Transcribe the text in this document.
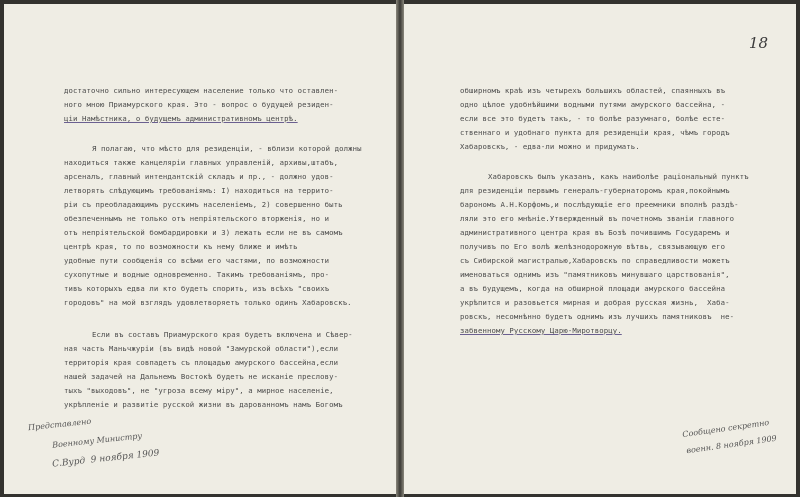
достаточно сильно интересующем население только что оставлен-
ного мною Приамурского края. Это - вопрос о будущей резиден-
ціи Намѣстника, о будущемъ административномъ центрѣ.
Я полагаю, что мѣсто для резиденціи, - вблизи которой должны
находиться также канцеляріи главных управленій, архивы,штабъ,
арсеналъ, главный интендантскій складъ и пр., - должно удов-
летворять слѣдующимъ требованіямъ: I) находиться на террито-
ріи съ преобладающимъ русскимъ населеніемъ, 2) совершенно быть
обезпеченнымъ не только отъ непріятельского вторженія, но и
отъ непріятельской бомбардировки и 3) лежать если не въ самомъ
центрѣ края, то по возможности къ нему ближе и имѣть
удобные пути сообщенія со всѣми его частями, по возможности
сухопутные и водные одновременно. Такимъ требованіямъ, про-
тивъ которыхъ едва ли кто будетъ спорить, изъ всѣхъ "своихъ
городовъ" на мой взглядъ удовлетворяетъ только одинъ Хабаровскъ.
Если въ составъ Приамурского края будетъ включена и Сѣвер-
ная часть Маньчжуріи (въ видѣ новой "Замурской области"),если
территорія края совпадетъ съ площадью амурского бассейна,если
нашей задачей на Дальнемъ Востокѣ будетъ не исканіе преслову-
тыхъ "выходовъ", не "угроза всему міру", а мирное населеніе,
укрѣпленіе и развитіе русской жизни въ дарованномъ намъ Богомъ
Представлено
Военному Министру
С.Вурд  9 ноября 1909
18
обширномъ краѣ изъ четырехъ большихъ областей, спаянныхъ въ
одно цѣлое удобнѣйшими водными путями амурского бассейна, -
если все это будетъ такъ, - то болѣе разумнаго, болѣе есте-
ственнаго и удобнаго пункта для резиденціи края, чѣмъ городъ
Хабаровскъ, - едва-ли можно и придумать.
Хабаровскъ былъ указанъ, какъ наиболѣе раціональный пунктъ
для резиденціи первымъ генералъ-губернаторомъ края,покойнымъ
барономъ А.Н.Корфомъ,и послѣдующіе его преемники вполнѣ раздѣ-
ляли это его мнѣніе.Утвержденный въ почетномъ званіи главного
административного центра края въ Бозѣ почившимъ Государемъ и
получивъ по Его волѣ желѣзнодорожную вѣтвь, связывающую его
съ Сибирской магистралью,Хабаровскъ по справедливости можетъ
именоваться однимъ изъ "памятниковъ минувшаго царствованія",
а въ будущемъ, когда на обширной площади амурского бассейна
укрѣпится и разовьется мирная и добрая русская жизнь,  Хаба-
ровскъ, несомнѣнно будетъ однимъ изъ лучшихъ памятниковъ  не-
забвенному Русскому Царю-Миротворцу.
Сообщено секретно
военн. 8 ноября 1909
